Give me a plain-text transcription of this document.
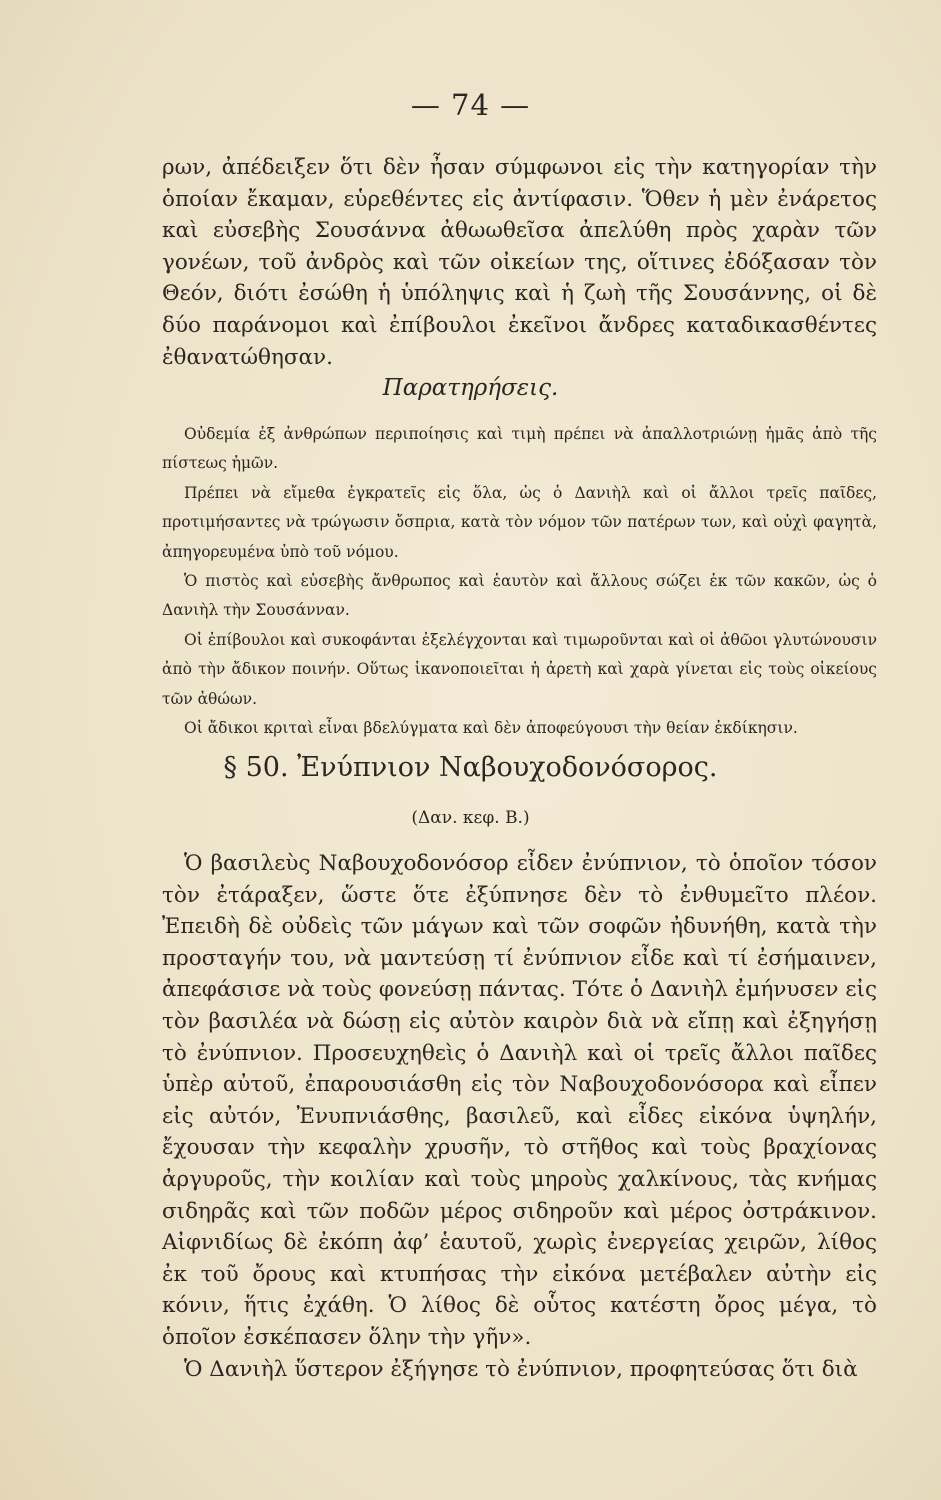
— 74 —

ρων, ἀπέδειξεν ὅτι δὲν ἦσαν σύμφωνοι εἰς τὴν κατηγορίαν τὴν ὁποίαν ἔκαμαν, εὑρεθέντες εἰς ἀντίφασιν. Ὅθεν ἡ μὲν ἐνάρετος καὶ εὐσεβὴς Σουσάννα ἀθωωθεῖσα ἀπελύθη πρὸς χαρὰν τῶν γονέων, τοῦ ἀνδρὸς καὶ τῶν οἰκείων της, οἵτινες ἐδόξασαν τὸν Θεόν, διότι ἐσώθη ἡ ὑπόληψις καὶ ἡ ζωὴ τῆς Σουσάννης, οἱ δὲ δύο παράνομοι καὶ ἐπίβουλοι ἐκεῖνοι ἄνδρες καταδικασθέντες ἐθανατώθησαν.

Παρατηρήσεις.

Οὐδεμία ἐξ ἀνθρώπων περιποίησις καὶ τιμὴ πρέπει νὰ ἀπαλλοτριώνῃ ἡμᾶς ἀπὸ τῆς πίστεως ἡμῶν.

Πρέπει νὰ εἴμεθα ἐγκρατεῖς εἰς ὅλα, ὡς ὁ Δανιὴλ καὶ οἱ ἄλλοι τρεῖς παῖδες, προτιμήσαντες νὰ τρώγωσιν ὄσπρια, κατὰ τὸν νόμον τῶν πατέρων των, καὶ οὐχὶ φαγητὰ, ἀπηγορευμένα ὑπὸ τοῦ νόμου.

Ὁ πιστὸς καὶ εὐσεβὴς ἄνθρωπος καὶ ἑαυτὸν καὶ ἄλλους σώζει ἐκ τῶν κακῶν, ὡς ὁ Δανιὴλ τὴν Σουσάνναν.

Οἱ ἐπίβουλοι καὶ συκοφάνται ἐξελέγχονται καὶ τιμωροῦνται καὶ οἱ ἀθῶοι γλυτώνουσιν ἀπὸ τὴν ἄδικον ποινήν. Οὕτως ἱκανοποιεῖται ἡ ἀρετὴ καὶ χαρὰ γίνεται εἰς τοὺς οἰκείους τῶν ἀθώων.

Οἱ ἄδικοι κριταὶ εἶναι βδελύγματα καὶ δὲν ἀποφεύγουσι τὴν θείαν ἐκδίκησιν.

§ 50. Ἐνύπνιον Ναβουχοδονόσορος.
(Δαν. κεφ. Β.)

Ὁ βασιλεὺς Ναβουχοδονόσορ εἶδεν ἐνύπνιον, τὸ ὁποῖον τόσον τὸν ἐτάραξεν, ὥστε ὅτε ἐξύπνησε δὲν τὸ ἐνθυμεῖτο πλέον. Ἐπειδὴ δὲ οὐδεὶς τῶν μάγων καὶ τῶν σοφῶν ἠδυνήθη, κατὰ τὴν προσταγήν του, νὰ μαντεύσῃ τί ἐνύπνιον εἶδε καὶ τί ἐσήμαινεν, ἀπεφάσισε νὰ τοὺς φονεύσῃ πάντας. Τότε ὁ Δανιὴλ ἐμήνυσεν εἰς τὸν βασιλέα νὰ δώσῃ εἰς αὐτὸν καιρὸν διὰ νὰ εἴπῃ καὶ ἐξηγήσῃ τὸ ἐνύπνιον. Προσευχηθεὶς ὁ Δανιὴλ καὶ οἱ τρεῖς ἄλλοι παῖδες ὑπὲρ αὐτοῦ, ἐπαρουσιάσθη εἰς τὸν Ναβουχοδονόσορα καὶ εἶπεν εἰς αὐτόν, Ἐνυπνιάσθης, βασιλεῦ, καὶ εἶδες εἰκόνα ὑψηλήν, ἔχουσαν τὴν κεφαλὴν χρυσῆν, τὸ στῆθος καὶ τοὺς βραχίονας ἀργυροῦς, τὴν κοιλίαν καὶ τοὺς μηροὺς χαλκίνους, τὰς κνήμας σιδηρᾶς καὶ τῶν ποδῶν μέρος σιδηροῦν καὶ μέρος ὀστράκινον. Αἰφνιδίως δὲ ἐκόπη ἀφ’ ἑαυτοῦ, χωρὶς ἐνεργείας χειρῶν, λίθος ἐκ τοῦ ὄρους καὶ κτυπήσας τὴν εἰκόνα μετέβαλεν αὐτὴν εἰς κόνιν, ἥτις ἐχάθη. Ὁ λίθος δὲ οὗτος κατέστη ὄρος μέγα, τὸ ὁποῖον ἐσκέπασεν ὅλην τὴν γῆν».

Ὁ Δανιὴλ ὕστερον ἐξήγησε τὸ ἐνύπνιον, προφητεύσας ὅτι διὰ
